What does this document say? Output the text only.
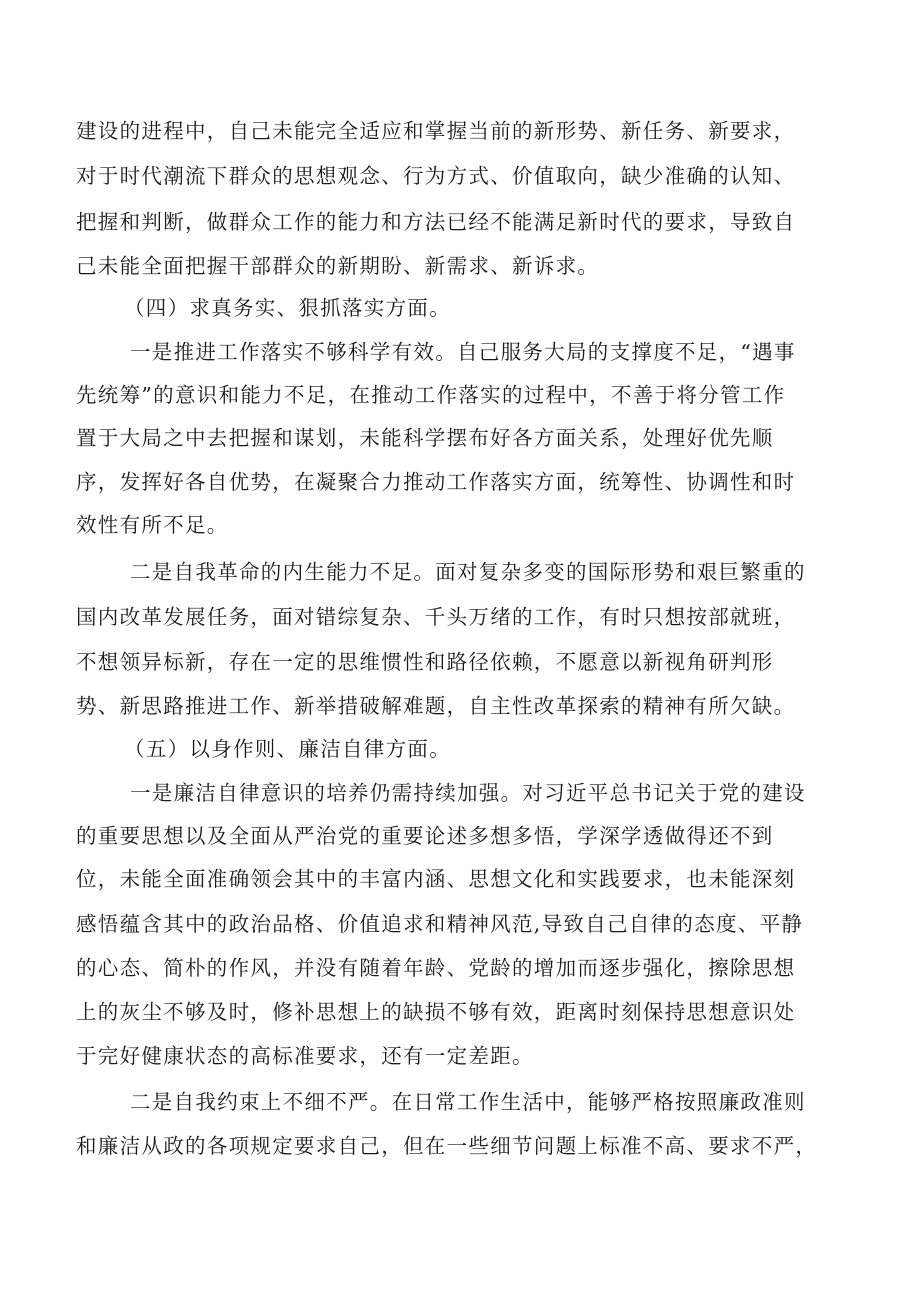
建设的进程中，自己未能完全适应和掌握当前的新形势、新任务、新要求，
对于时代潮流下群众的思想观念、行为方式、价值取向，缺少准确的认知、
把握和判断，做群众工作的能力和方法已经不能满足新时代的要求，导致自
己未能全面把握干部群众的新期盼、新需求、新诉求。
（四）求真务实、狠抓落实方面。
一是推进工作落实不够科学有效。自己服务大局的支撑度不足，“遇事
先统筹”的意识和能力不足，在推动工作落实的过程中，不善于将分管工作
置于大局之中去把握和谋划，未能科学摆布好各方面关系，处理好优先顺
序，发挥好各自优势，在凝聚合力推动工作落实方面，统筹性、协调性和时
效性有所不足。
二是自我革命的内生能力不足。面对复杂多变的国际形势和艰巨繁重的
国内改革发展任务，面对错综复杂、千头万绪的工作，有时只想按部就班，
不想领异标新，存在一定的思维惯性和路径依赖，不愿意以新视角研判形
势、新思路推进工作、新举措破解难题，自主性改革探索的精神有所欠缺。
（五）以身作则、廉洁自律方面。
一是廉洁自律意识的培养仍需持续加强。对习近平总书记关于党的建设
的重要思想以及全面从严治党的重要论述多想多悟，学深学透做得还不到
位，未能全面准确领会其中的丰富内涵、思想文化和实践要求，也未能深刻
感悟蕴含其中的政治品格、价值追求和精神风范,导致自己自律的态度、平静
的心态、简朴的作风，并没有随着年龄、党龄的增加而逐步强化，擦除思想
上的灰尘不够及时，修补思想上的缺损不够有效，距离时刻保持思想意识处
于完好健康状态的高标准要求，还有一定差距。
二是自我约束上不细不严。在日常工作生活中，能够严格按照廉政准则
和廉洁从政的各项规定要求自己，但在一些细节问题上标准不高、要求不严，
